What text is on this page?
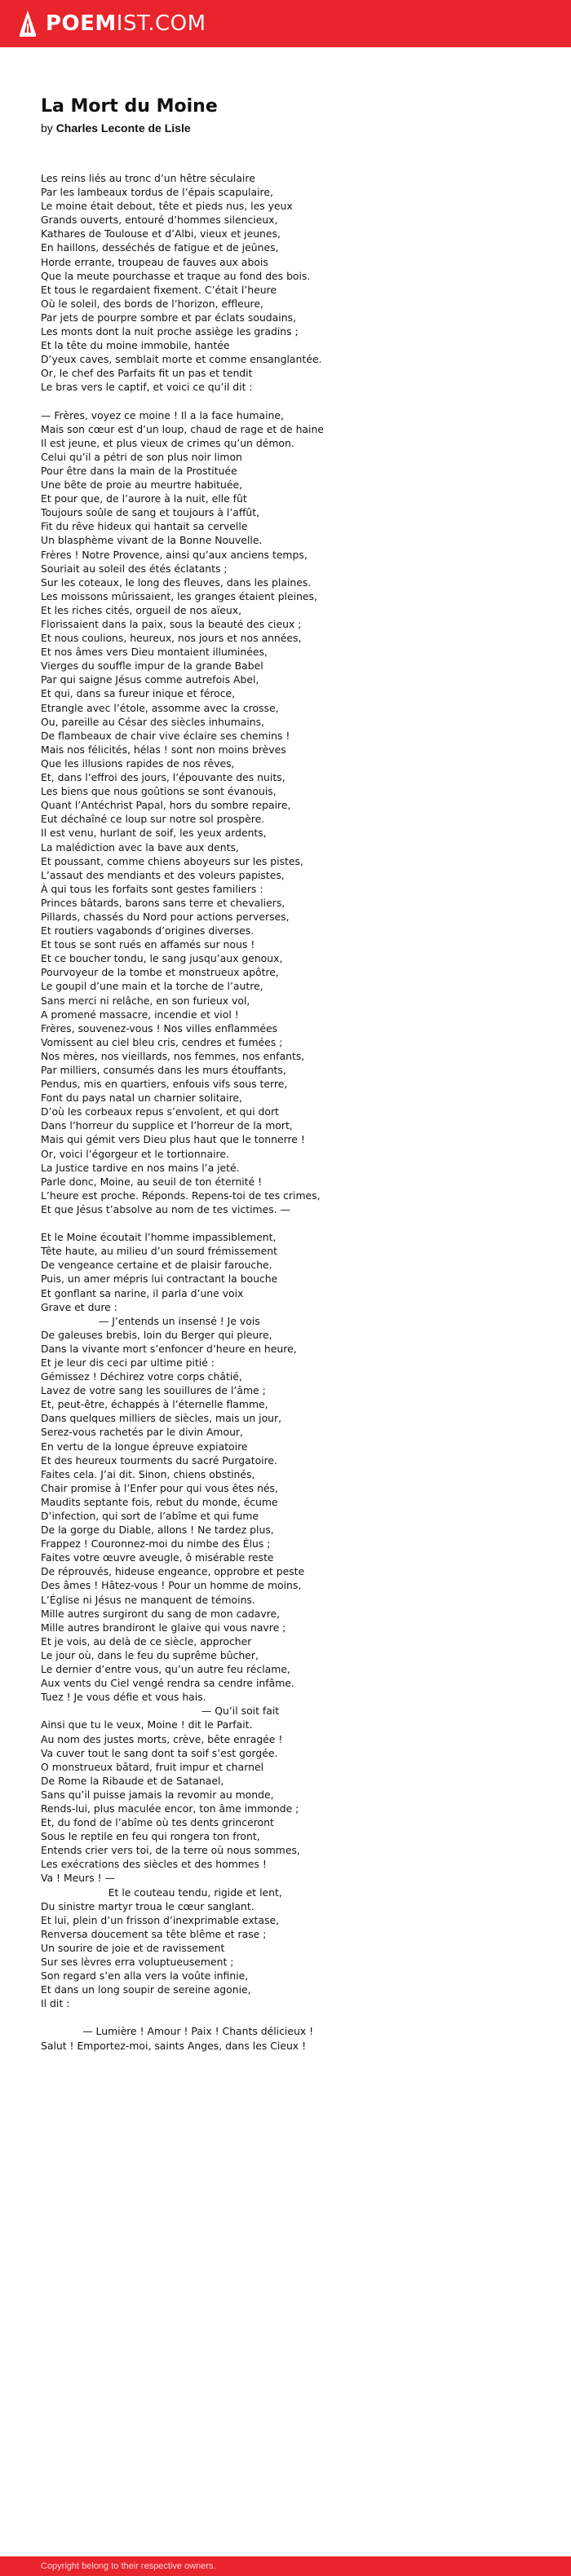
POEMIST.COM
La Mort du Moine
by Charles Leconte de Lisle
Les reins liés au tronc d’un hêtre séculaire
Par les lambeaux tordus de l’épais scapulaire,
Le moine était debout, tête et pieds nus, les yeux
Grands ouverts, entouré d’hommes silencieux,
Kathares de Toulouse et d’Albi, vieux et jeunes,
En haillons, desséchés de fatigue et de jeûnes,
Horde errante, troupeau de fauves aux abois
Que la meute pourchasse et traque au fond des bois.
Et tous le regardaient fixement. C’était l’heure
Où le soleil, des bords de l’horizon, effleure,
Par jets de pourpre sombre et par éclats soudains,
Les monts dont la nuit proche assiège les gradins ;
Et la tête du moine immobile, hantée
D’yeux caves, semblait morte et comme ensanglantée.
Or, le chef des Parfaits fit un pas et tendit
Le bras vers le captif, et voici ce qu’il dit :
— Frères, voyez ce moine ! Il a la face humaine,
Mais son cœur est d’un loup, chaud de rage et de haine
Il est jeune, et plus vieux de crimes qu’un démon.
Celui qu’il a pétri de son plus noir limon
Pour être dans la main de la Prostituée
Une bête de proie au meurtre habituée,
Et pour que, de l’aurore à la nuit, elle fût
Toujours soûle de sang et toujours à l’affût,
Fit du rêve hideux qui hantait sa cervelle
Un blasphème vivant de la Bonne Nouvelle.
Frères ! Notre Provence, ainsi qu’aux anciens temps,
Souriait au soleil des étés éclatants ;
Sur les coteaux, le long des fleuves, dans les plaines.
Les moissons mûrissaient, les granges étaient pleines,
Et les riches cités, orgueil de nos aïeux,
Florissaient dans la paix, sous la beauté des cieux ;
Et nous coulions, heureux, nos jours et nos années,
Et nos âmes vers Dieu montaient illuminées,
Vierges du souffle impur de la grande Babel
Par qui saigne Jésus comme autrefois Abel,
Et qui, dans sa fureur inique et féroce,
Etrangle avec l’étole, assomme avec la crosse,
Ou, pareille au César des siècles inhumains,
De flambeaux de chair vive éclaire ses chemins !
Mais nos félicités, hélas ! sont non moins brèves
Que les illusions rapides de nos rêves,
Et, dans l’effroi des jours, l’épouvante des nuits,
Les biens que nous goûtions se sont évanouis,
Quant l’Antéchrist Papal, hors du sombre repaire,
Eut déchaîné ce loup sur notre sol prospère.
Il est venu, hurlant de soif, les yeux ardents,
La malédiction avec la bave aux dents,
Et poussant, comme chiens aboyeurs sur les pistes,
L’assaut des mendiants et des voleurs papistes,
À qui tous les forfaits sont gestes familiers :
Princes bâtards, barons sans terre et chevaliers,
Pillards, chassés du Nord pour actions perverses,
Et routiers vagabonds d’origines diverses.
Et tous se sont rués en affamés sur nous !
Et ce boucher tondu, le sang jusqu’aux genoux,
Pourvoyeur de la tombe et monstrueux apôtre,
Le goupil d’une main et la torche de l’autre,
Sans merci ni relâche, en son furieux vol,
A promené massacre, incendie et viol !
Frères, souvenez-vous ! Nos villes enflammées
Vomissent au ciel bleu cris, cendres et fumées ;
Nos mères, nos vieillards, nos femmes, nos enfants,
Par milliers, consumés dans les murs étouffants,
Pendus, mis en quartiers, enfouis vifs sous terre,
Font du pays natal un charnier solitaire,
D’où les corbeaux repus s’envolent, et qui dort
Dans l’horreur du supplice et l’horreur de la mort,
Mais qui gémit vers Dieu plus haut que le tonnerre !
Or, voici l’égorgeur et le tortionnaire.
La Justice tardive en nos mains l’a jeté.
Parle donc, Moine, au seuil de ton éternité !
L’heure est proche. Réponds. Repens-toi de tes crimes,
Et que Jésus t’absolve au nom de tes victimes. —
Et le Moine écoutait l’homme impassiblement,
Tête haute, au milieu d’un sourd frémissement
De vengeance certaine et de plaisir farouche.
Puis, un amer mépris lui contractant la bouche
Et gonflant sa narine, il parla d’une voix
Grave et dure :
— J’entends un insensé ! Je vois
De galeuses brebis, loin du Berger qui pleure,
Dans la vivante mort s’enfoncer d’heure en heure,
Et je leur dis ceci par ultime pitié :
Gémissez ! Déchirez votre corps châtié,
Lavez de votre sang les souillures de l’âme ;
Et, peut-être, échappés à l’éternelle flamme,
Dans quelques milliers de siècles, mais un jour,
Serez-vous rachetés par le divin Amour,
En vertu de la longue épreuve expiatoire
Et des heureux tourments du sacré Purgatoire.
Faites cela. J’ai dit. Sinon, chiens obstinés,
Chair promise à l’Enfer pour qui vous êtes nés,
Maudits septante fois, rebut du monde, écume
D’infection, qui sort de l’abîme et qui fume
De la gorge du Diable, allons ! Ne tardez plus,
Frappez ! Couronnez-moi du nimbe des Élus ;
Faites votre œuvre aveugle, ô misérable reste
De réprouvés, hideuse engeance, opprobre et peste
Des âmes ! Hâtez-vous ! Pour un homme de moins,
L’Église ni Jésus ne manquent de témoins.
Mille autres surgiront du sang de mon cadavre,
Mille autres brandiront le glaive qui vous navre ;
Et je vois, au delà de ce siècle, approcher
Le jour où, dans le feu du suprême bûcher,
Le dernier d’entre vous, qu’un autre feu réclame,
Aux vents du Ciel vengé rendra sa cendre infâme.
Tuez ! Je vous défie et vous hais.
— Qu’il soit fait
Ainsi que tu le veux, Moine ! dit le Parfait.
Au nom des justes morts, crève, bête enragée !
Va cuver tout le sang dont ta soif s’est gorgée.
O monstrueux bâtard, fruit impur et charnel
De Rome la Ribaude et de Satanael,
Sans qu’il puisse jamais la revomir au monde,
Rends-lui, plus maculée encor, ton âme immonde ;
Et, du fond de l’abîme où tes dents grinceront
Sous le reptile en feu qui rongera ton front,
Entends crier vers toi, de la terre où nous sommes,
Les exécrations des siècles et des hommes !
Va ! Meurs ! —
Et le couteau tendu, rigide et lent,
Du sinistre martyr troua le cœur sanglant.
Et lui, plein d’un frisson d’inexprimable extase,
Renversa doucement sa tête blême et rase ;
Un sourire de joie et de ravissement
Sur ses lèvres erra voluptueusement ;
Son regard s’en alla vers la voûte infinie,
Et dans un long soupir de sereine agonie,
Il dit :
— Lumière ! Amour ! Paix ! Chants délicieux !
Salut ! Emportez-moi, saints Anges, dans les Cieux !
Copyright belong to their respective owners.
